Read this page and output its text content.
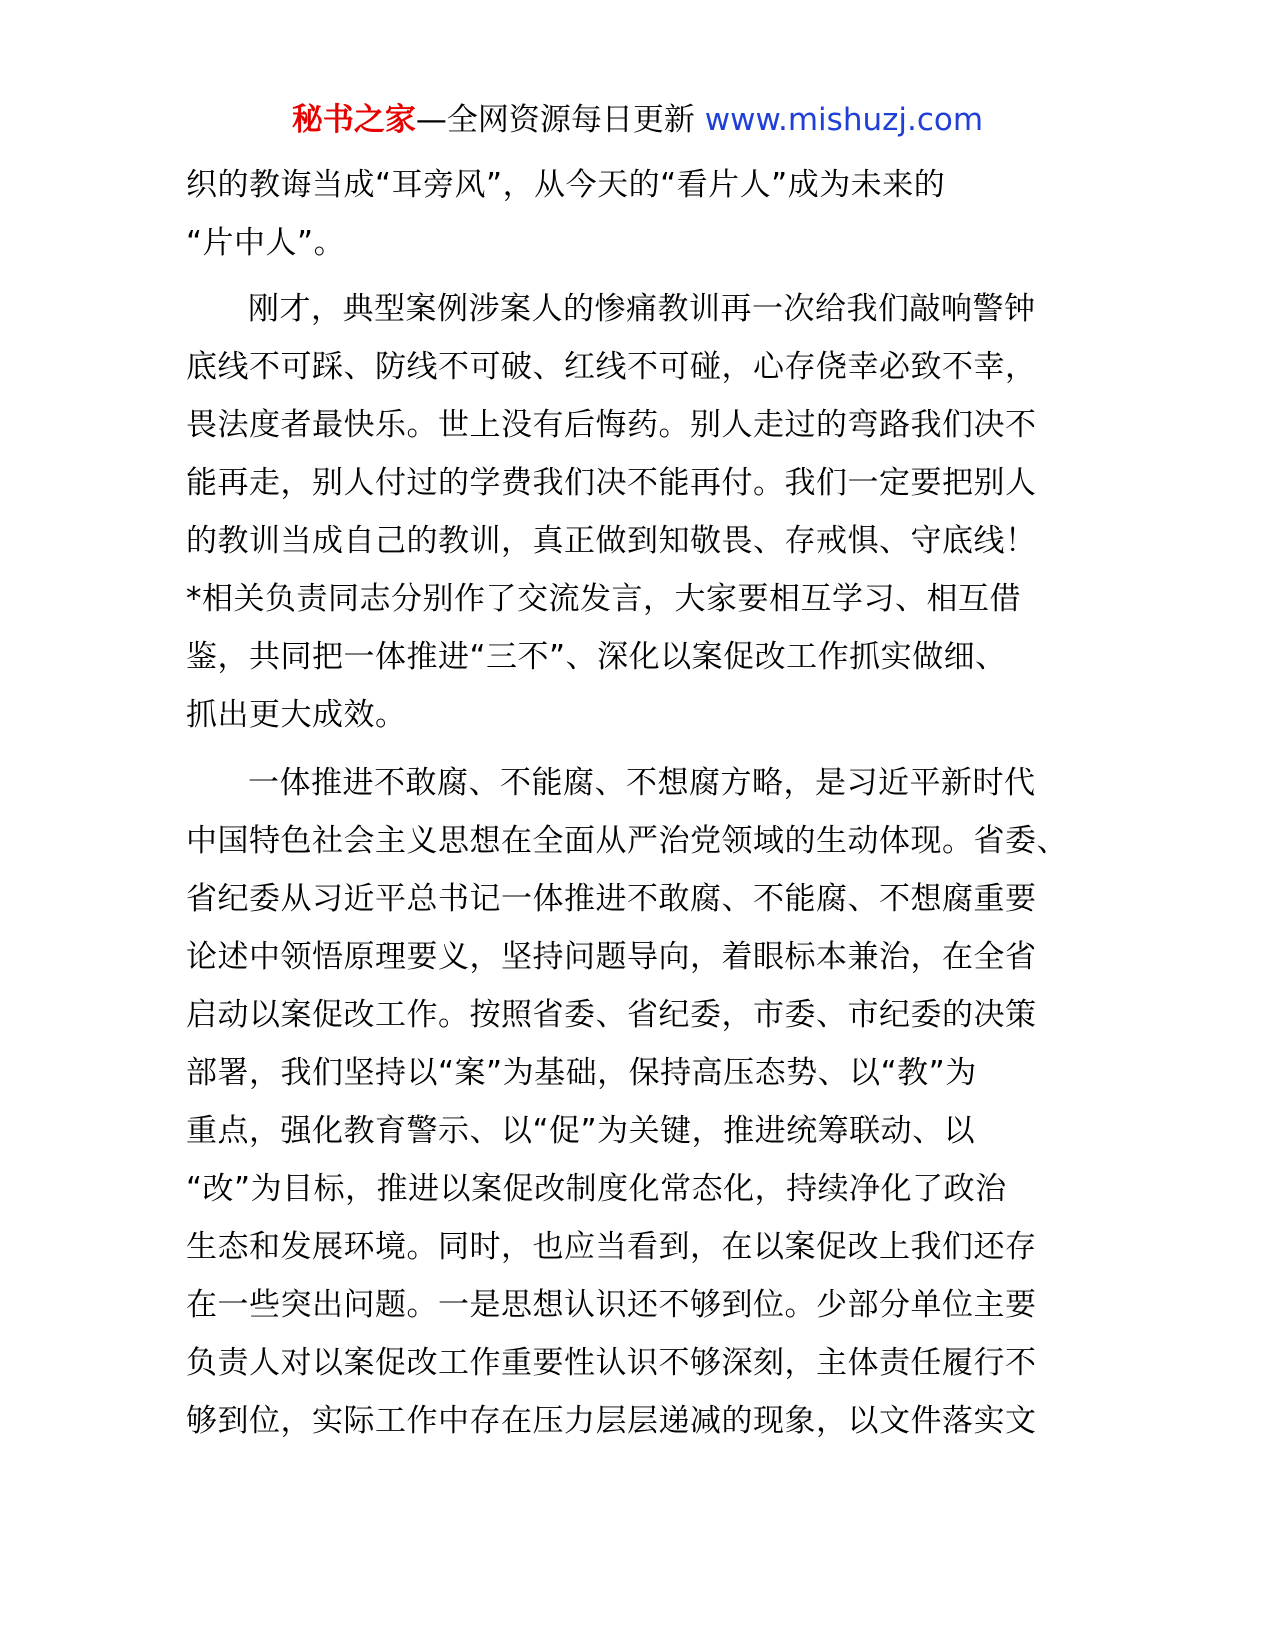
秘书之家—全网资源每日更新 www.mishuzj.com
织的教诲当成“耳旁风”，从今天的“看片人”成为未来的
“片中人”。
刚才，典型案例涉案人的惨痛教训再一次给我们敲响警钟
底线不可踩、防线不可破、红线不可碰，心存侥幸必致不幸，
畏法度者最快乐。世上没有后悔药。别人走过的弯路我们决不
能再走，别人付过的学费我们决不能再付。我们一定要把别人
的教训当成自己的教训，真正做到知敬畏、存戒惧、守底线！
*相关负责同志分别作了交流发言，大家要相互学习、相互借
鉴，共同把一体推进“三不”、深化以案促改工作抓实做细、
抓出更大成效。
一体推进不敢腐、不能腐、不想腐方略，是习近平新时代
中国特色社会主义思想在全面从严治党领域的生动体现。省委、
省纪委从习近平总书记一体推进不敢腐、不能腐、不想腐重要
论述中领悟原理要义，坚持问题导向，着眼标本兼治，在全省
启动以案促改工作。按照省委、省纪委，市委、市纪委的决策
部署，我们坚持以“案”为基础，保持高压态势、以“教”为
重点，强化教育警示、以“促”为关键，推进统筹联动、以
“改”为目标，推进以案促改制度化常态化，持续净化了政治
生态和发展环境。同时，也应当看到，在以案促改上我们还存
在一些突出问题。一是思想认识还不够到位。少部分单位主要
负责人对以案促改工作重要性认识不够深刻，主体责任履行不
够到位，实际工作中存在压力层层递减的现象，以文件落实文
